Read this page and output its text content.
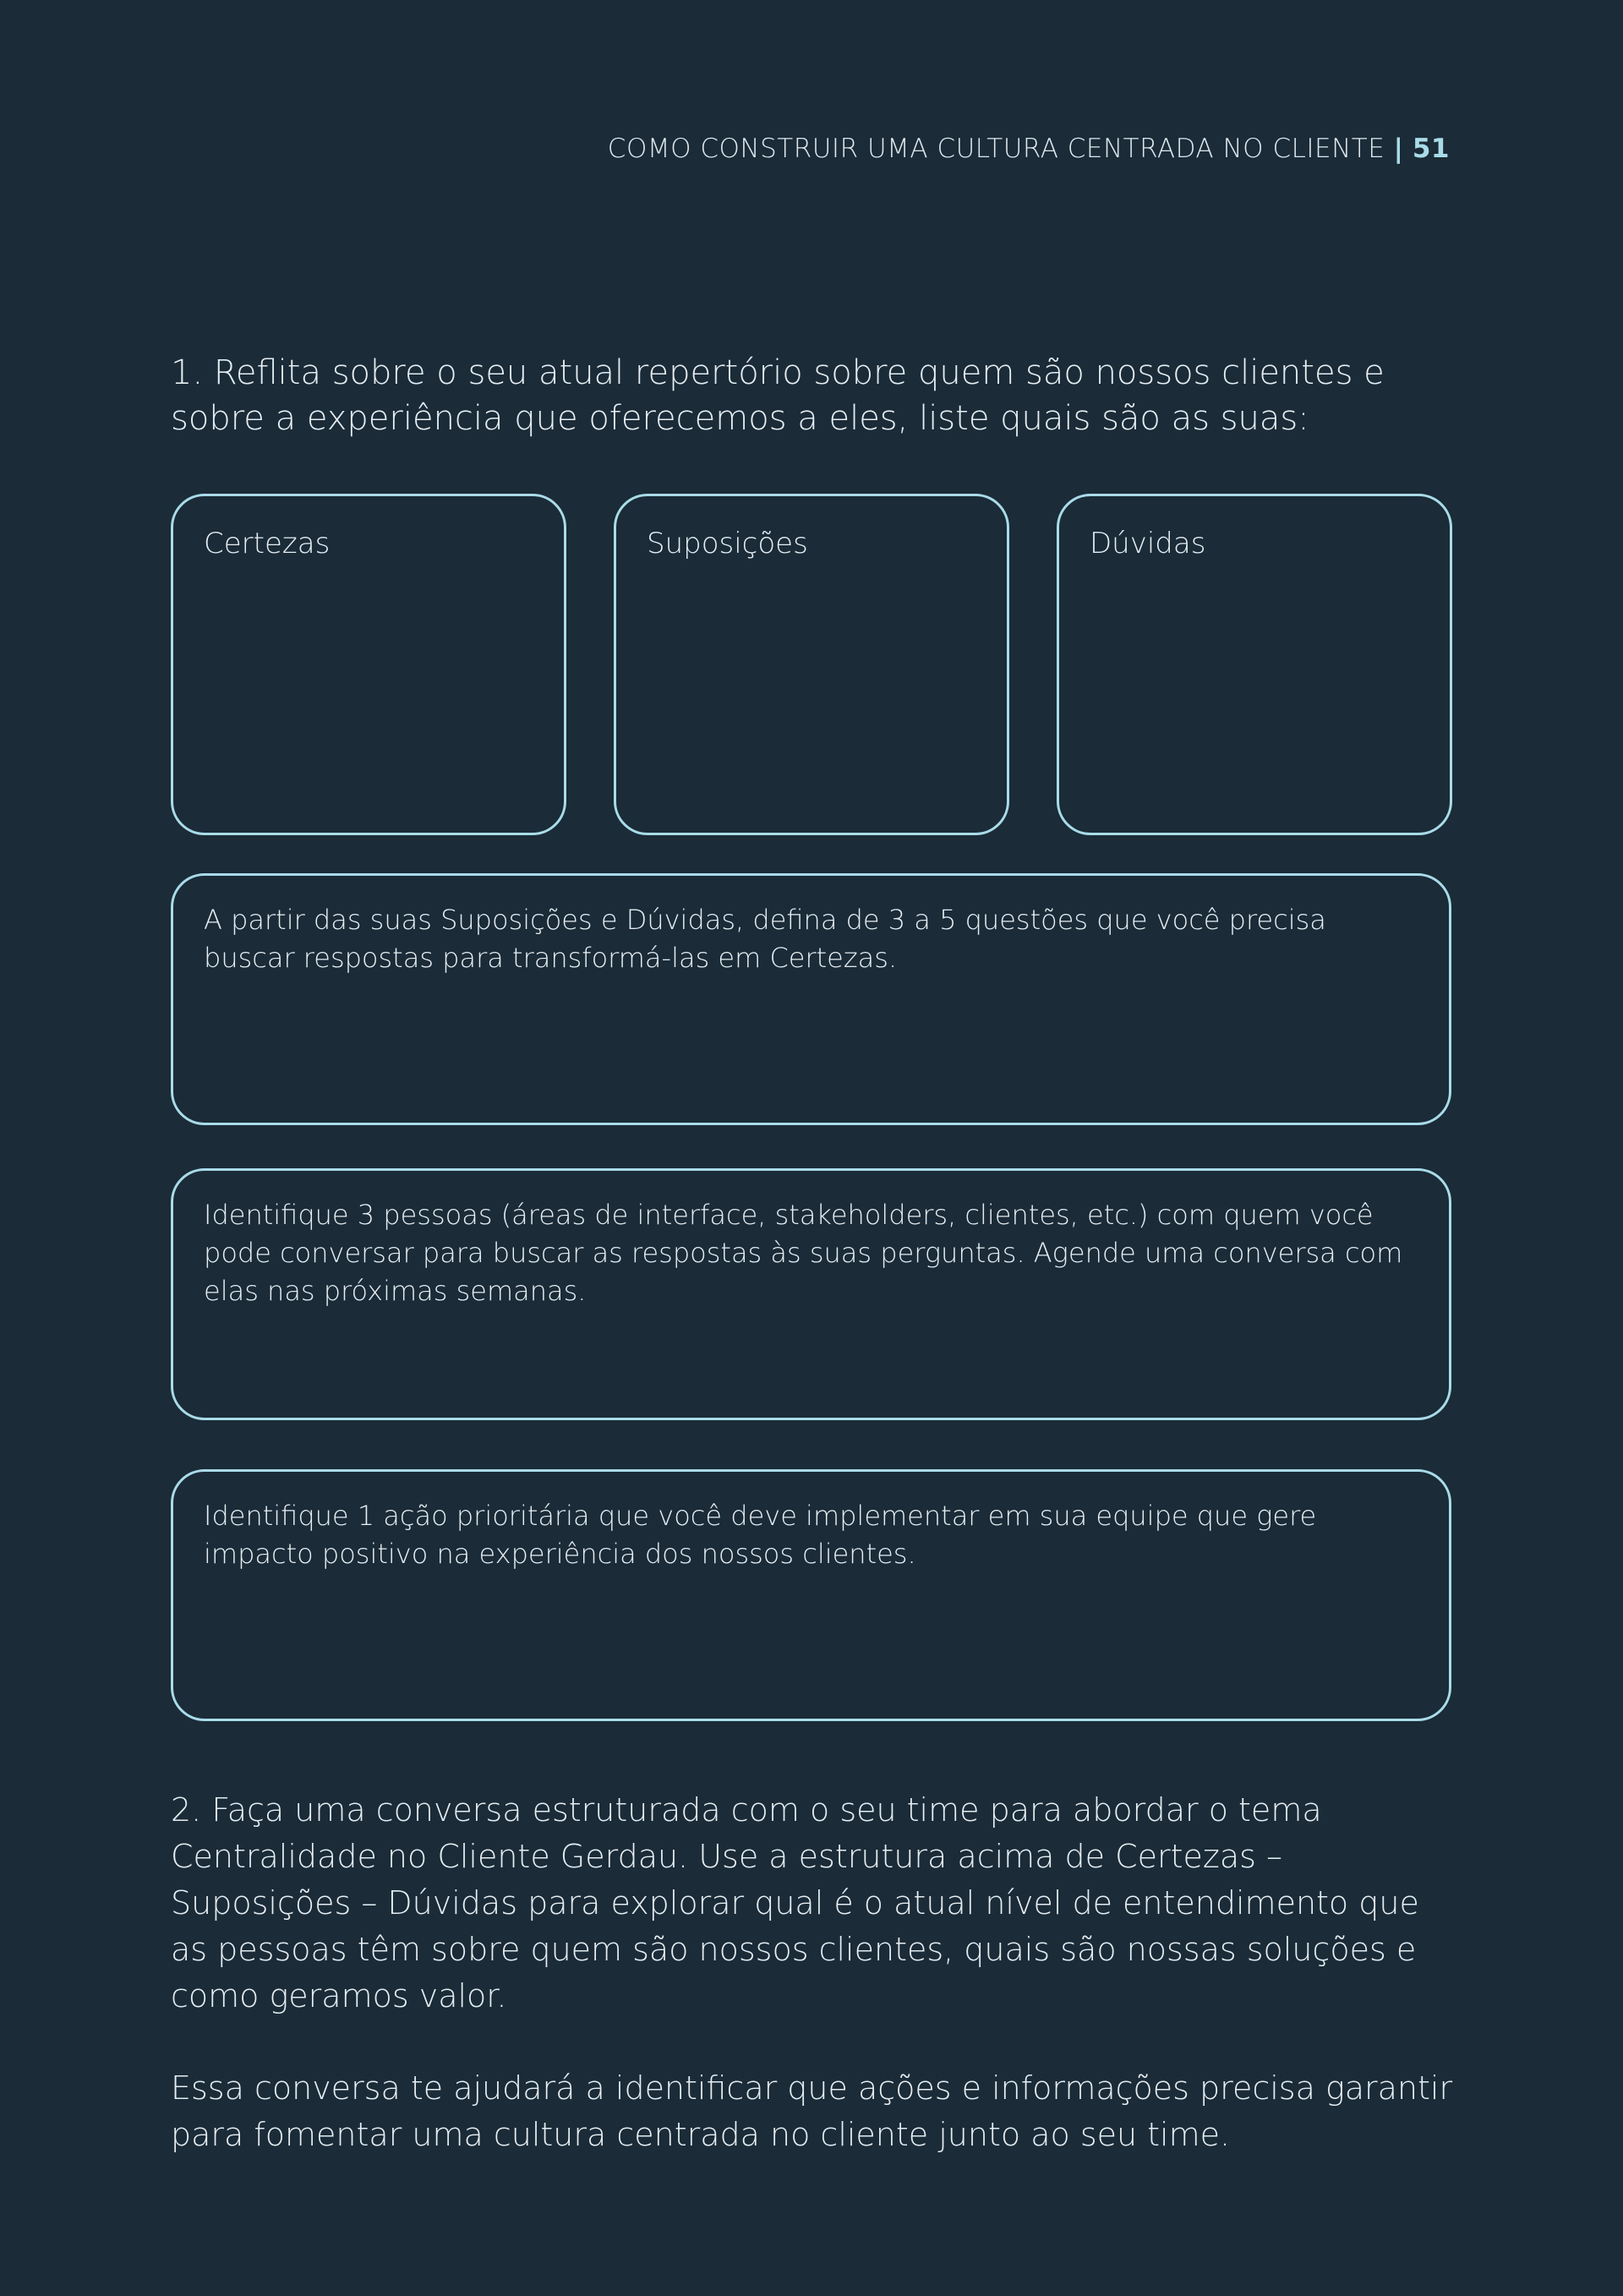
COMO CONSTRUIR UMA CULTURA CENTRADA NO CLIENTE | 51

1. Reflita sobre o seu atual repertório sobre quem são nossos clientes e sobre a experiência que oferecemos a eles, liste quais são as suas:

Certezas	Suposições	Dúvidas
A partir das suas Suposições e Dúvidas, defina de 3 a 5 questões que você precisa buscar respostas para transformá-las em Certezas.
Identifique 3 pessoas (áreas de interface, stakeholders, clientes, etc.) com quem você pode conversar para buscar as respostas às suas perguntas. Agende uma conversa com elas nas próximas semanas.
Identifique 1 ação prioritária que você deve implementar em sua equipe que gere impacto positivo na experiência dos nossos clientes.

2. Faça uma conversa estruturada com o seu time para abordar o tema Centralidade no Cliente Gerdau. Use a estrutura acima de Certezas – Suposições – Dúvidas para explorar qual é o atual nível de entendimento que as pessoas têm sobre quem são nossos clientes, quais são nossas soluções e como geramos valor.

Essa conversa te ajudará a identificar que ações e informações precisa garantir para fomentar uma cultura centrada no cliente junto ao seu time.
